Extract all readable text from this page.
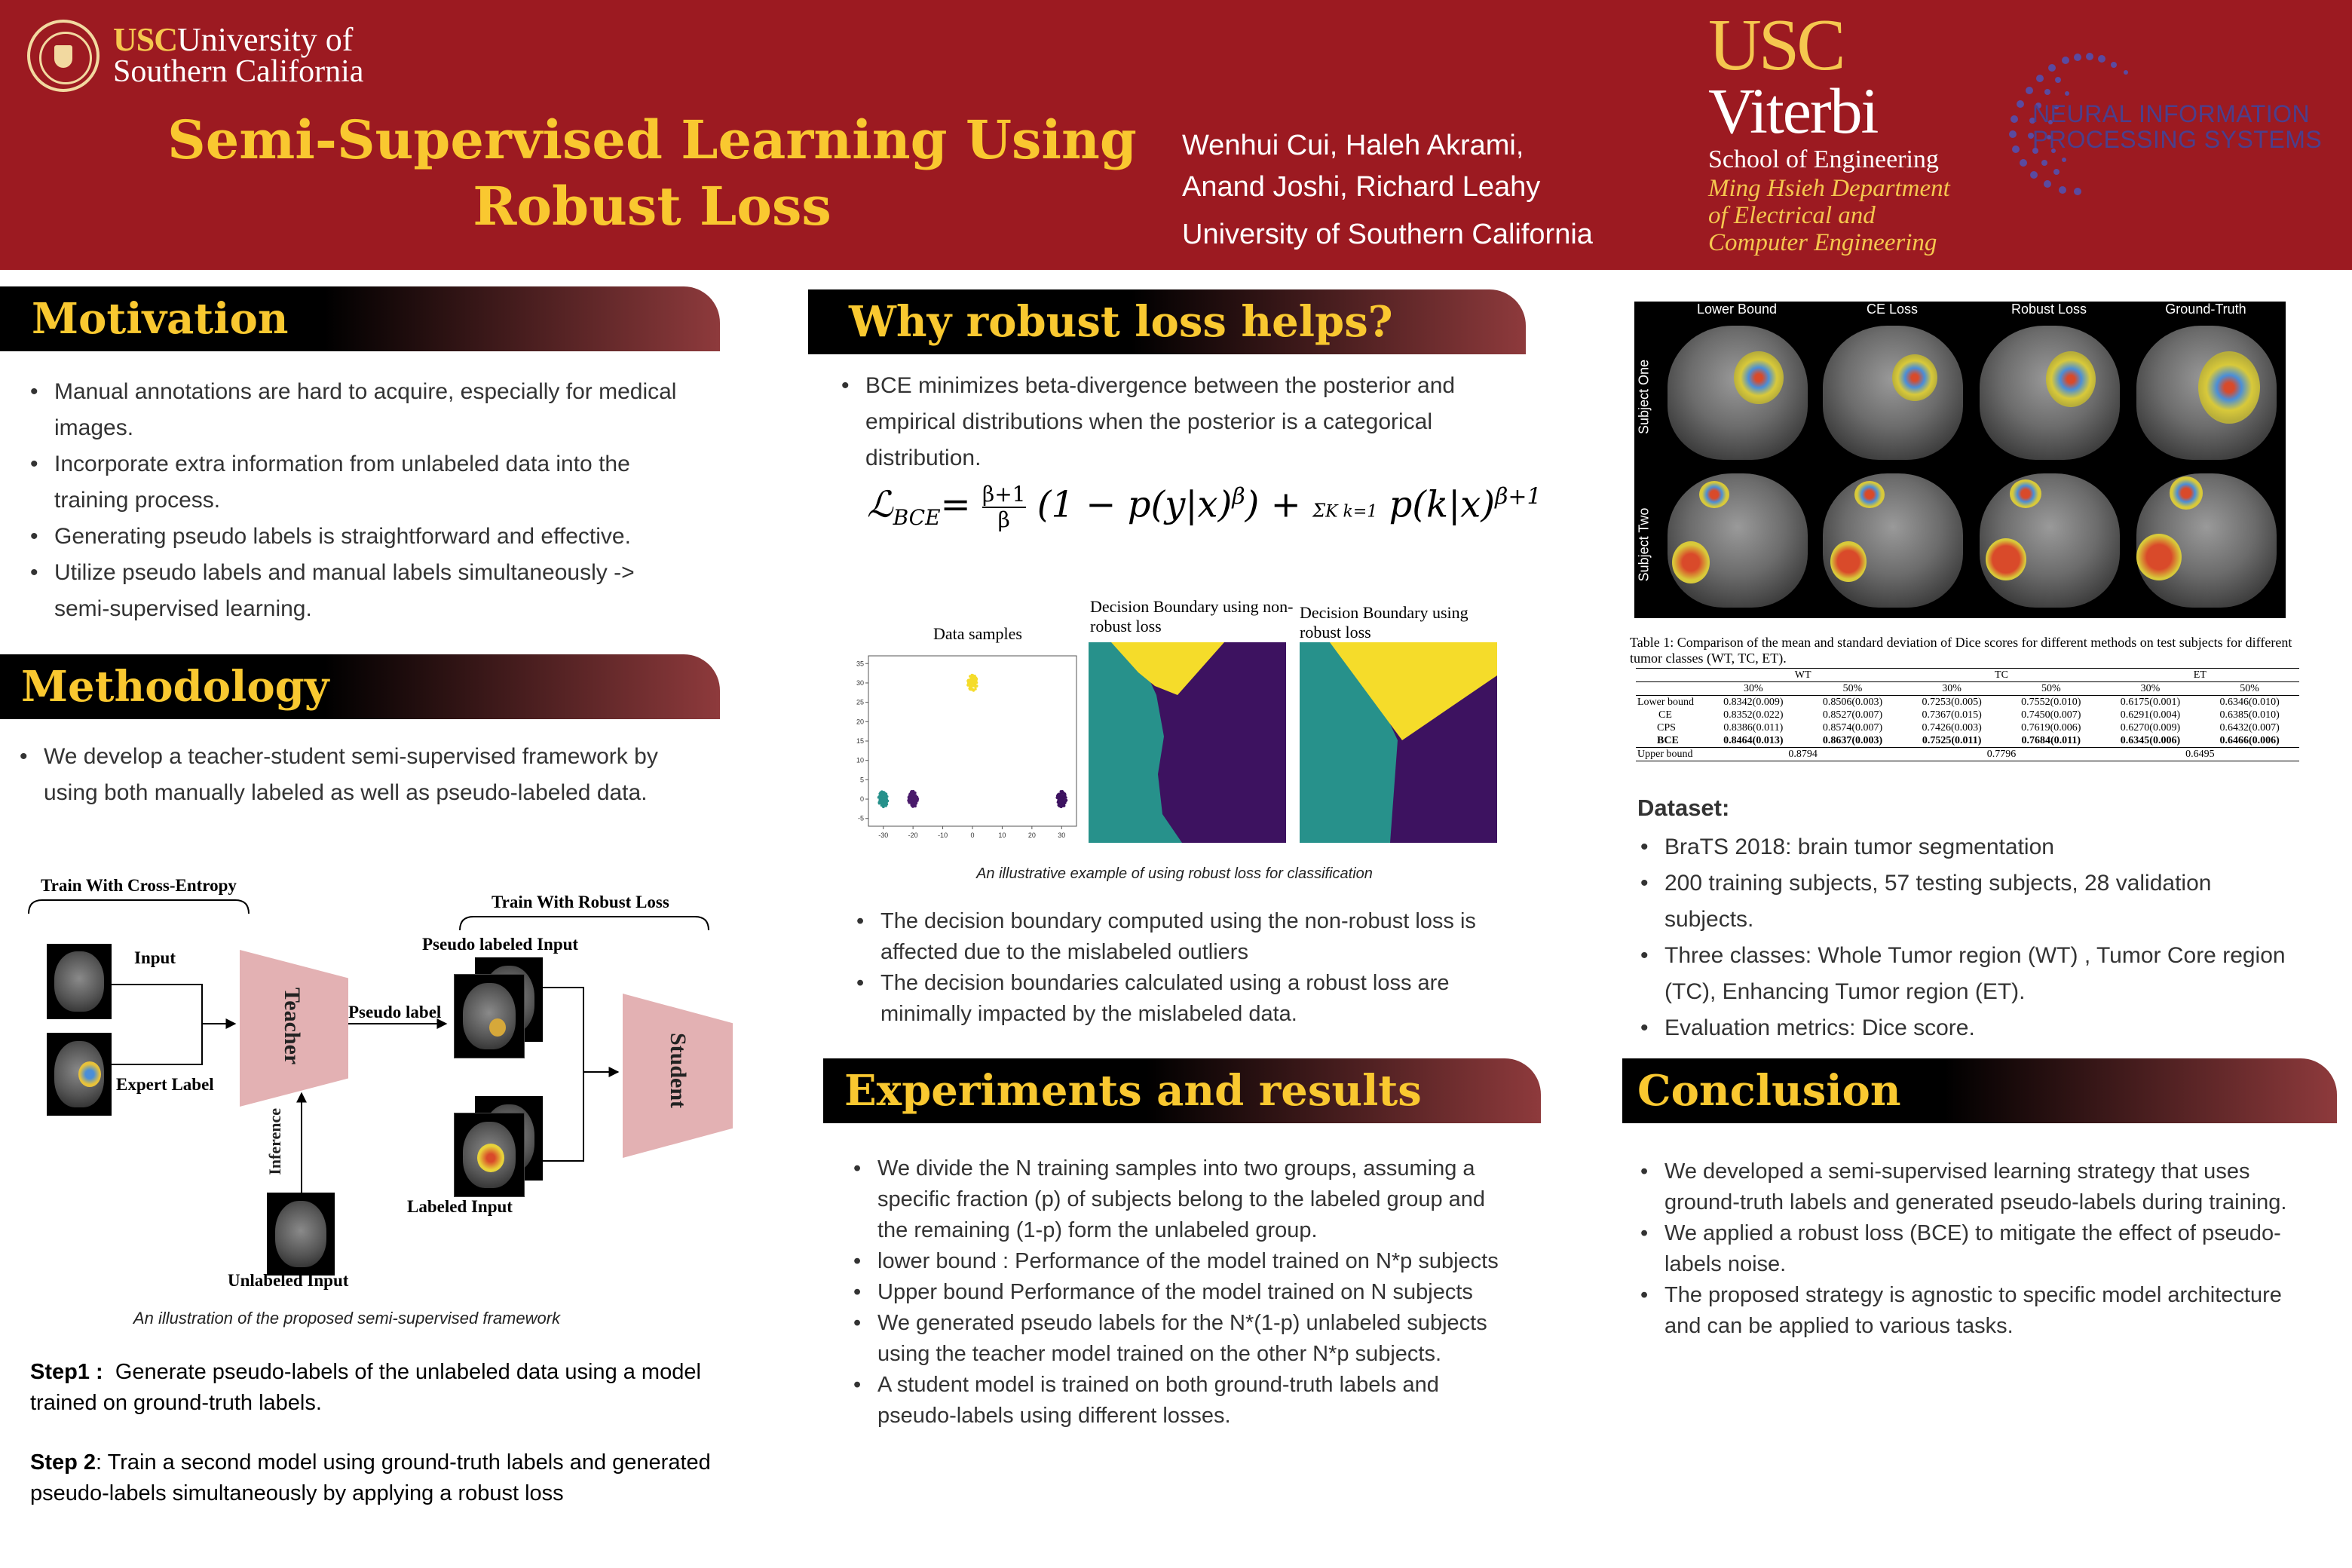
USCUniversity of
Southern California
Semi-Supervised Learning Using
Robust Loss
Wenhui Cui, Haleh Akrami,
Anand Joshi, Richard Leahy
University of Southern California
USC
Viterbi
School of Engineering
Ming Hsieh Department
of Electrical and
Computer Engineering
NEURAL INFORMATION
PROCESSING SYSTEMS
Motivation
• Manual annotations are hard to acquire, especially for medical images.
• Incorporate extra information from unlabeled data into the training process.
• Generating pseudo labels is straightforward and effective.
• Utilize pseudo labels and manual labels simultaneously -> semi-supervised learning.
Methodology
• We develop a teacher-student semi-supervised framework by using both manually labeled as well as pseudo-labeled data.
Train With Cross-Entropy
Train With Robust Loss
Input
Expert Label
Teacher	Pseudo label
Pseudo labeled Input
Labeled Input
Student
Inference
Unlabeled Input
An illustration of the proposed semi-supervised framework
Step1 : Generate pseudo-labels of the unlabeled data using a model trained on ground-truth labels.
Step 2: Train a second model using ground-truth labels and generated pseudo-labels simultaneously by applying a robust loss
Why robust loss helps?
• BCE minimizes beta-divergence between the posterior and empirical distributions when the posterior is a categorical distribution.
ℒ$_{BCE}$= $\frac{\beta+1}{\beta} (1 - p(y|x)^\beta) + \Sigma K$ k=1 $p(k|x)^{\beta+1}$
Data samples
-30	-20	-10	0	10	20	30
-5
0
5
10
15
20
25
30
35
Decision Boundary using non-robust loss
Decision Boundary using robust loss
An illustrative example of using robust loss for classification
• The decision boundary computed using the non-robust loss is affected due to the mislabeled outliers
• The decision boundaries calculated using a robust loss are minimally impacted by the mislabeled data.
Experiments and results
• We divide the N training samples into two groups, assuming a specific fraction (p) of subjects belong to the labeled group and the remaining (1-p) form the unlabeled group.
• lower bound : Performance of the model trained on N*p subjects
• Upper bound Performance of the model trained on N subjects
• We generated pseudo labels for the N*(1-p) unlabeled subjects using the teacher model trained on the other N*p subjects.
• A student model is trained on both ground-truth labels and pseudo-labels using different losses.
Lower Bound	CE Loss	Robust Loss	Ground-Truth
Subject One
Subject Two
Table 1: Comparison of the mean and standard deviation of Dice scores for different methods on test subjects for different tumor classes (WT, TC, ET).
	WT		TC		ET	
	30%	50%	30%	50%	30%	50%
Lower bound	0.8342(0.009)	0.8506(0.003)	0.7253(0.005)	0.7552(0.010)	0.6175(0.001)	0.6346(0.010)
CE	0.8352(0.022)	0.8527(0.007)	0.7367(0.015)	0.7450(0.007)	0.6291(0.004)	0.6385(0.010)
CPS	0.8386(0.011)	0.8574(0.007)	0.7426(0.003)	0.7619(0.006)	0.6270(0.009)	0.6432(0.007)
BCE	0.8464(0.013)	0.8637(0.003)	0.7525(0.011)	0.7684(0.011)	0.6345(0.006)	0.6466(0.006)
Upper bound	0.8794		0.7796		0.6495	
Dataset:
• BraTS 2018: brain tumor segmentation
• 200 training subjects, 57 testing subjects, 28 validation subjects.
• Three classes: Whole Tumor region (WT) , Tumor Core region (TC), Enhancing Tumor region (ET).
• Evaluation metrics: Dice score.
Conclusion
• We developed a semi-supervised learning strategy that uses ground-truth labels and generated pseudo-labels during training.
• We applied a robust loss (BCE) to mitigate the effect of pseudo-labels noise.
• The proposed strategy is agnostic to specific model architecture and can be applied to various tasks.
